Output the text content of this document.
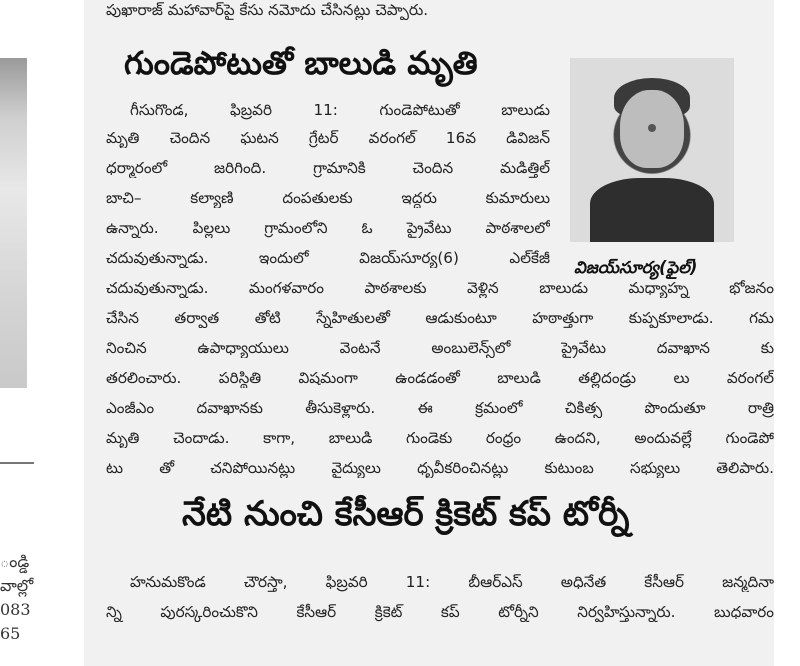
ండ్డి
వాల్లో
083
65
పుఖారాజ్ మహావార్‌పై కేసు నమోదు చేసినట్లు చెప్పారు.
గుండెపోటుతో బాలుడి మృతి
విజయ్‌సూర్య(ఫైల్)
గీసుగొండ, ఫిబ్రవరి 11: గుండెపోటుతో బాలుడు
మృతి చెందిన ఘటన గ్రేటర్ వరంగల్ 16వ డివిజన్
ధర్మారంలో జరిగింది. గ్రామానికి చెందిన మడిత్తిల్
బాచి– కల్యాణి దంపతులకు ఇద్దరు కుమారులు
ఉన్నారు. పిల్లలు గ్రామంలోని ఓ ప్రైవేటు పాఠశాలలో
చదువుతున్నాడు. ఇందులో విజయ్‌సూర్య(6) ఎల్‌కేజీ
చదువుతున్నాడు. మంగళవారం పాఠశాలకు వెళ్లిన బాలుడు మధ్యాహ్న భోజనం
చేసిన తర్వాత తోటి స్నేహితులతో ఆడుకుంటూ హఠాత్తుగా కుప్పకూలాడు. గమ
నించిన ఉపాధ్యాయులు వెంటనే అంబులెన్స్‌లో ప్రైవేటు దవాఖాన కు
తరలించారు. పరిస్థితి విషమంగా ఉండడంతో బాలుడి తల్లిదండ్రు లు వరంగల్
ఎంజీఎం దవాఖానకు తీసుకెళ్లారు. ఈ క్రమంలో చికిత్స పొందుతూ రాత్రి
మృతి చెందాడు. కాగా, బాలుడి గుండెకు రంధ్రం ఉందని, అందువల్లే గుండెపో
టు తో చనిపోయినట్లు వైద్యులు ధృవీకరించినట్లు కుటుంబ సభ్యులు తెలిపారు.
నేటి నుంచి కేసీఆర్ క్రికెట్ కప్ టోర్నీ
హనుమకొండ చౌరస్తా, ఫిబ్రవరి 11: బీఆర్‌ఎస్ అధినేత కేసీఆర్ జన్మదినా
న్ని పురస్కరించుకొని కేసీఆర్ క్రికెట్ కప్ టోర్నీని నిర్వహిస్తున్నారు. బుధవారం
